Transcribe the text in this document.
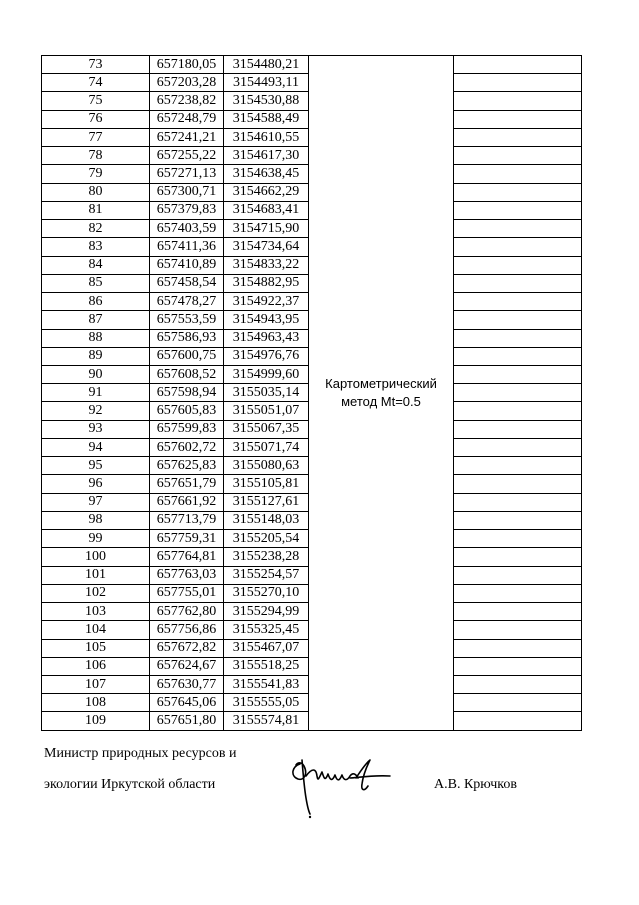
73	657180,05	3154480,21	Картометрический метод Mt=0.5	
74	657203,28	3154493,11		
75	657238,82	3154530,88		
76	657248,79	3154588,49		
77	657241,21	3154610,55		
78	657255,22	3154617,30		
79	657271,13	3154638,45		
80	657300,71	3154662,29		
81	657379,83	3154683,41		
82	657403,59	3154715,90		
83	657411,36	3154734,64		
84	657410,89	3154833,22		
85	657458,54	3154882,95		
86	657478,27	3154922,37		
87	657553,59	3154943,95		
88	657586,93	3154963,43		
89	657600,75	3154976,76		
90	657608,52	3154999,60		
91	657598,94	3155035,14		
92	657605,83	3155051,07		
93	657599,83	3155067,35		
94	657602,72	3155071,74		
95	657625,83	3155080,63		
96	657651,79	3155105,81		
97	657661,92	3155127,61		
98	657713,79	3155148,03		
99	657759,31	3155205,54		
100	657764,81	3155238,28		
101	657763,03	3155254,57		
102	657755,01	3155270,10		
103	657762,80	3155294,99		
104	657756,86	3155325,45		
105	657672,82	3155467,07		
106	657624,67	3155518,25		
107	657630,77	3155541,83		
108	657645,06	3155555,05		
109	657651,80	3155574,81		
Министр природных ресурсов и
экологии Иркутской области	А.В. Крючков
